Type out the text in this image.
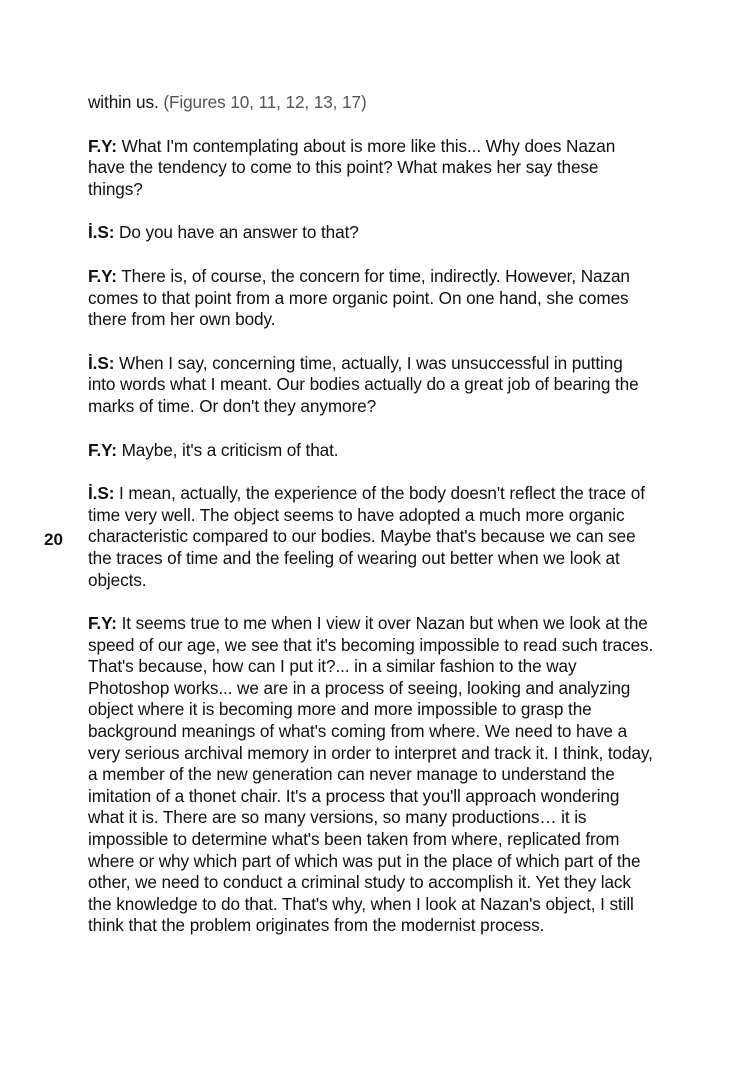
20

within us. (Figures 10, 11, 12, 13, 17)

F.Y: What I'm contemplating about is more like this... Why does Nazan have the tendency to come to this point? What makes her say these things?

İ.S: Do you have an answer to that?

F.Y: There is, of course, the concern for time, indirectly. However, Nazan comes to that point from a more organic point. On one hand, she comes there from her own body.

İ.S: When I say, concerning time, actually, I was unsuccessful in putting into words what I meant. Our bodies actually do a great job of bearing the marks of time. Or don't they anymore?

F.Y: Maybe, it's a criticism of that.

İ.S: I mean, actually, the experience of the body doesn't reflect the trace of time very well. The object seems to have adopted a much more organic characteristic compared to our bodies. Maybe that's because we can see the traces of time and the feeling of wearing out better when we look at objects.

F.Y: It seems true to me when I view it over Nazan but when we look at the speed of our age, we see that it's becoming impossible to read such traces. That's because, how can I put it?... in a similar fashion to the way Photoshop works... we are in a process of seeing, looking and analyzing object where it is becoming more and more impossible to grasp the background meanings of what's coming from where. We need to have a very serious archival memory in order to interpret and track it. I think, today, a member of the new generation can never manage to understand the imitation of a thonet chair. It's a process that you'll approach wondering what it is. There are so many versions, so many productions… it is impossible to determine what's been taken from where, replicated from where or why which part of which was put in the place of which part of the other, we need to conduct a criminal study to accomplish it. Yet they lack the knowledge to do that. That's why, when I look at Nazan's object, I still think that the problem originates from the modernist process.
